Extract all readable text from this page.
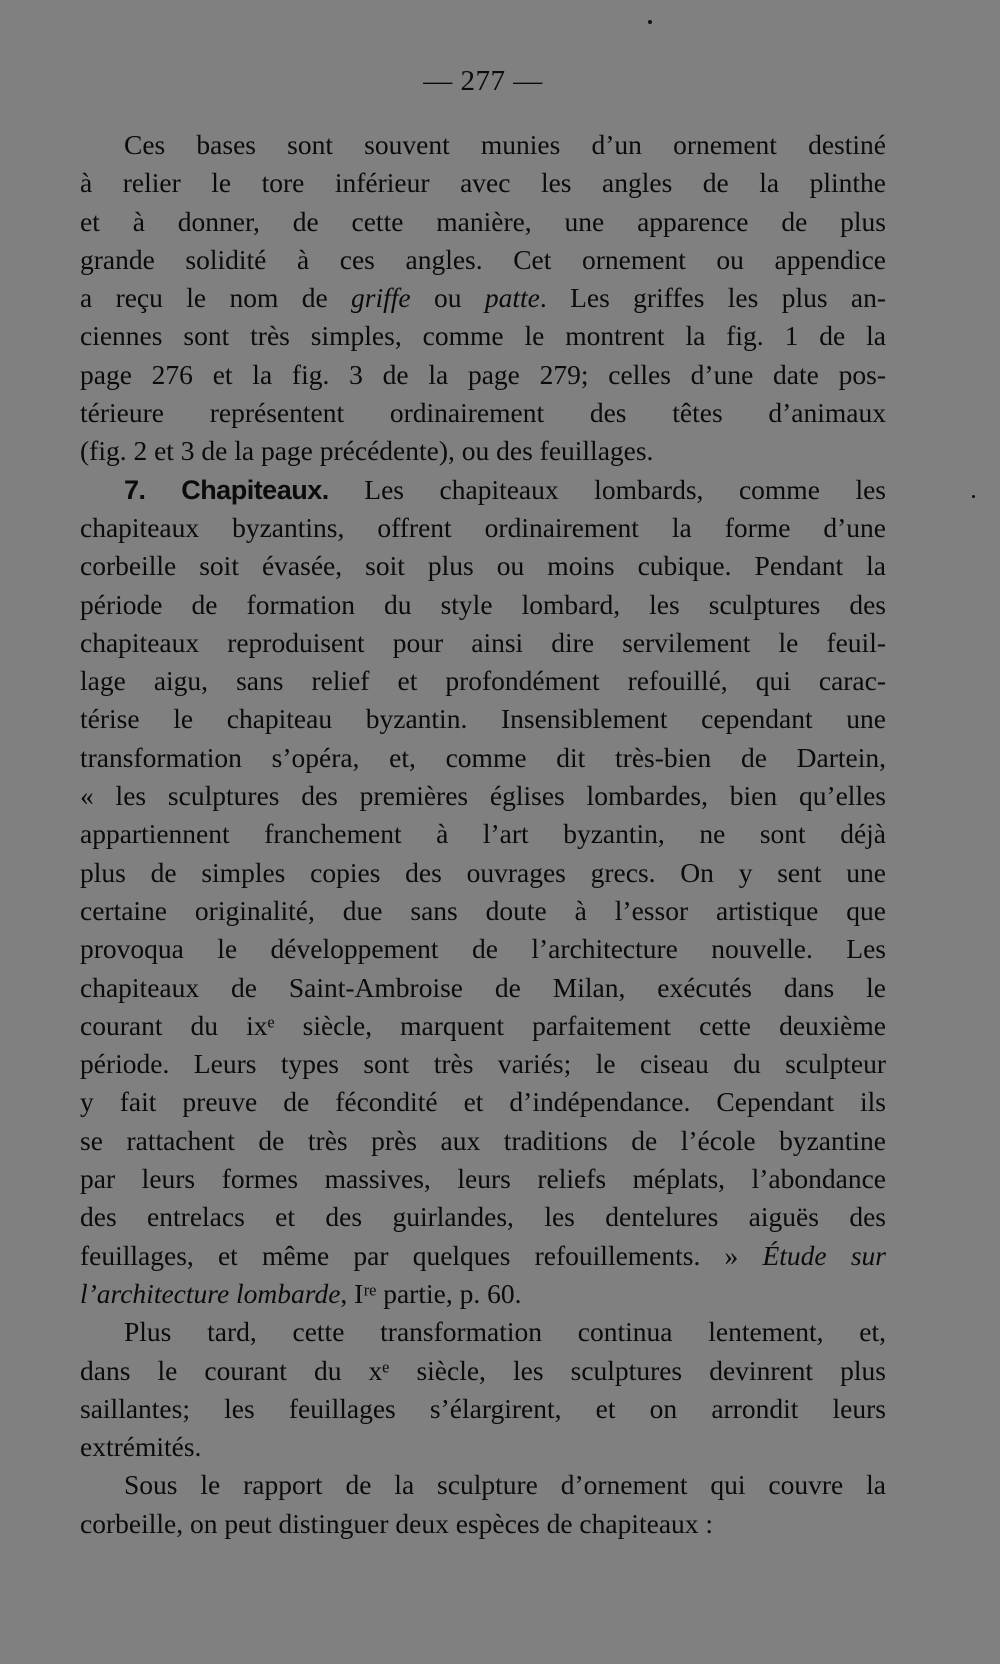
— 277 —
Ces bases sont souvent munies d’un ornement destiné
à relier le tore inférieur avec les angles de la plinthe
et à donner, de cette manière, une apparence de plus
grande solidité à ces angles. Cet ornement ou appendice
a reçu le nom de griffe ou patte. Les griffes les plus an-
ciennes sont très simples, comme le montrent la fig. 1 de la
page 276 et la fig. 3 de la page 279; celles d’une date pos-
térieure représentent ordinairement des têtes d’animaux
(fig. 2 et 3 de la page précédente), ou des feuillages.
7. Chapiteaux. Les chapiteaux lombards, comme les
chapiteaux byzantins, offrent ordinairement la forme d’une
corbeille soit évasée, soit plus ou moins cubique. Pendant la
période de formation du style lombard, les sculptures des
chapiteaux reproduisent pour ainsi dire servilement le feuil-
lage aigu, sans relief et profondément refouillé, qui carac-
térise le chapiteau byzantin. Insensiblement cependant une
transformation s’opéra, et, comme dit très-bien de Dartein,
« les sculptures des premières églises lombardes, bien qu’elles
appartiennent franchement à l’art byzantin, ne sont déjà
plus de simples copies des ouvrages grecs. On y sent une
certaine originalité, due sans doute à l’essor artistique que
provoqua le développement de l’architecture nouvelle. Les
chapiteaux de Saint-Ambroise de Milan, exécutés dans le
courant du ixᵉ siècle, marquent parfaitement cette deuxième
période. Leurs types sont très variés; le ciseau du sculpteur
y fait preuve de fécondité et d’indépendance. Cependant ils
se rattachent de très près aux traditions de l’école byzantine
par leurs formes massives, leurs reliefs méplats, l’abondance
des entrelacs et des guirlandes, les dentelures aiguës des
feuillages, et même par quelques refouillements. » Étude sur
l’architecture lombarde, Iʳᵉ partie, p. 60.
Plus tard, cette transformation continua lentement, et,
dans le courant du xᵉ siècle, les sculptures devinrent plus
saillantes; les feuillages s’élargirent, et on arrondit leurs
extrémités.
Sous le rapport de la sculpture d’ornement qui couvre la
corbeille, on peut distinguer deux espèces de chapiteaux :
